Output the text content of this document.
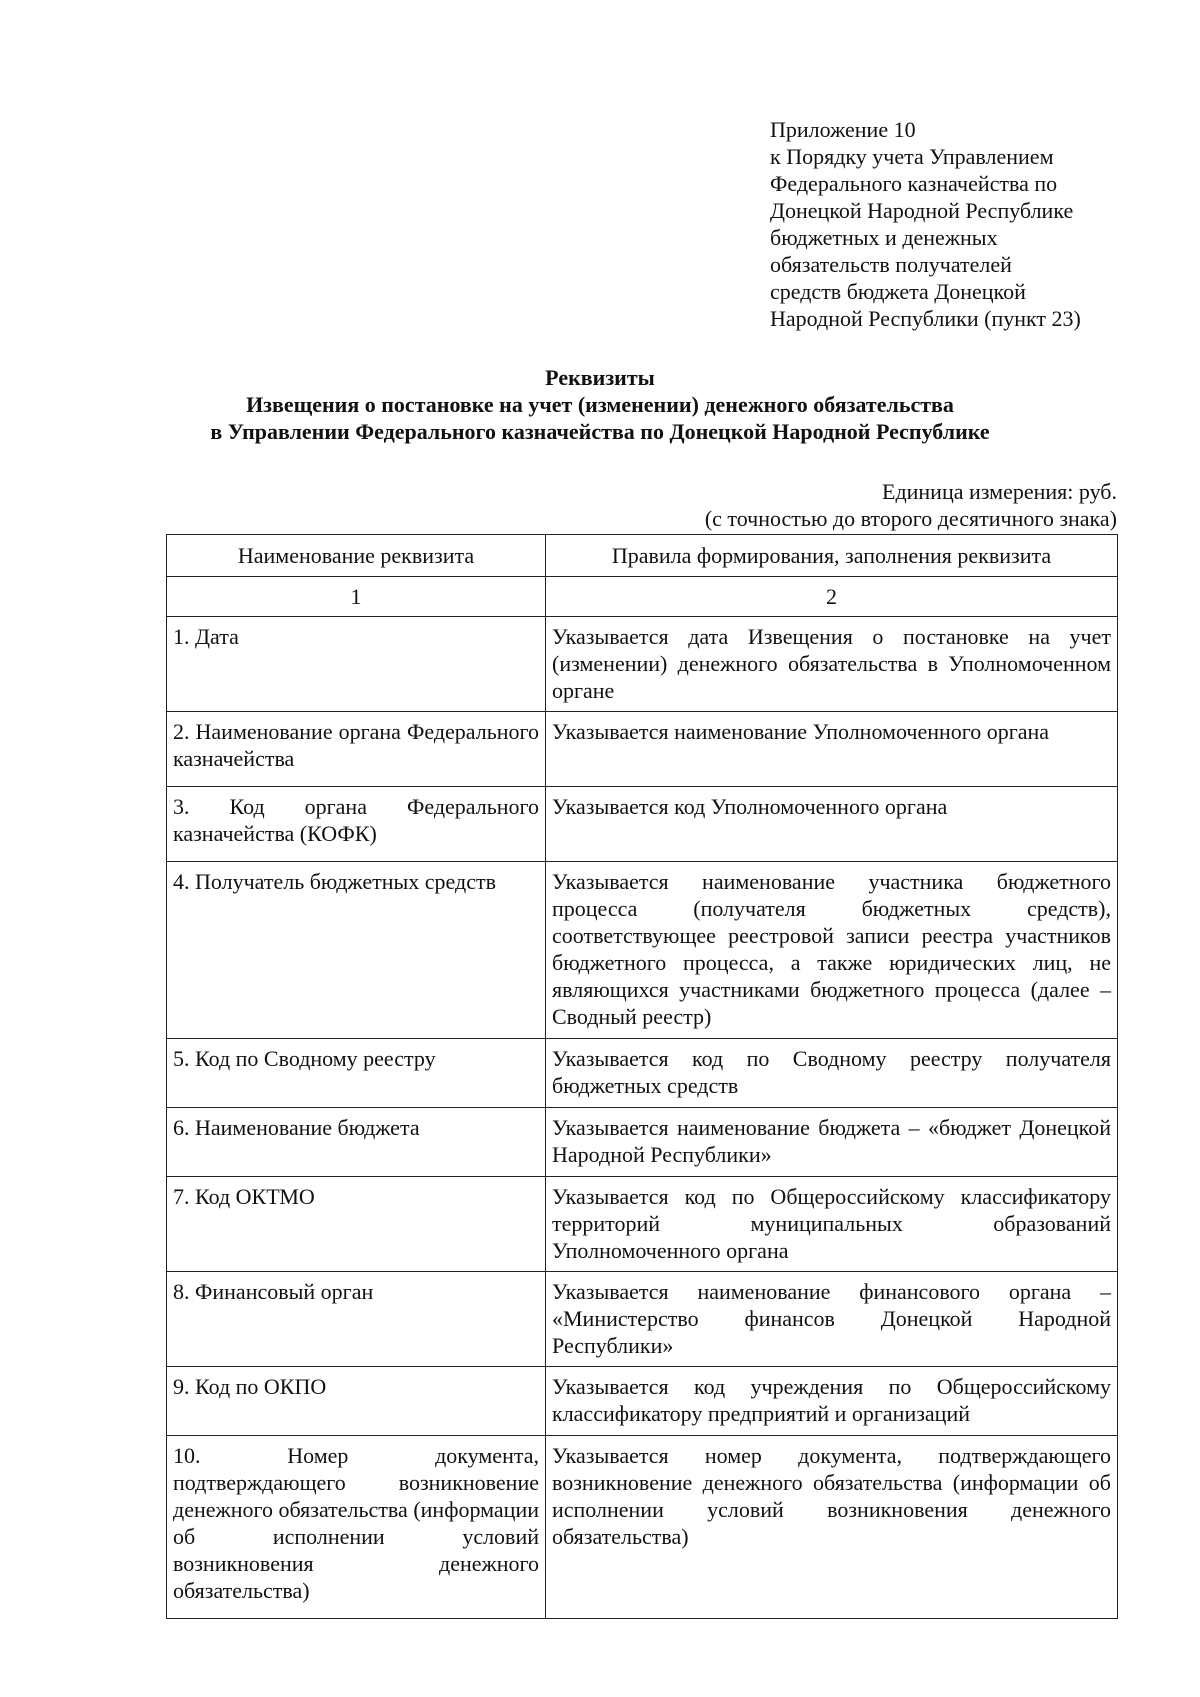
Приложение 10
к Порядку учета Управлением
Федерального казначейства по
Донецкой Народной Республике
бюджетных и денежных
обязательств получателей
средств бюджета Донецкой
Народной Республики (пункт 23)
Реквизиты
Извещения о постановке на учет (изменении) денежного обязательства
в Управлении Федерального казначейства по Донецкой Народной Республике
Единица измерения: руб.
(с точностью до второго десятичного знака)
Наименование реквизита	Правила формирования, заполнения реквизита
1	2
1. Дата	Указывается дата Извещения о постановке на учет (изменении) денежного обязательства в Уполномоченном органе
2. Наименование органа Федерального казначейства	Указывается наименование Уполномоченного органа
3. Код органа Федерального казначейства (КОФК)	Указывается код Уполномоченного органа
4. Получатель бюджетных средств	Указывается наименование участника бюджетного процесса (получателя бюджетных средств), соответствующее реестровой записи реестра участников бюджетного процесса, а также юридических лиц, не являющихся участниками бюджетного процесса (далее – Сводный реестр)
5. Код по Сводному реестру	Указывается код по Сводному реестру получателя бюджетных средств
6. Наименование бюджета	Указывается наименование бюджета – «бюджет Донецкой Народной Республики»
7. Код ОКТМО	Указывается код по Общероссийскому классификатору территорий муниципальных образований Уполномоченного органа
8. Финансовый орган	Указывается наименование финансового органа – «Министерство финансов Донецкой Народной Республики»
9. Код по ОКПО	Указывается код учреждения по Общероссийскому классификатору предприятий и организаций
10. Номер документа, подтверждающего возникновение денежного обязательства (информации об исполнении условий возникновения денежного обязательства)	Указывается номер документа, подтверждающего возникновение денежного обязательства (информации об исполнении условий возникновения денежного обязательства)
